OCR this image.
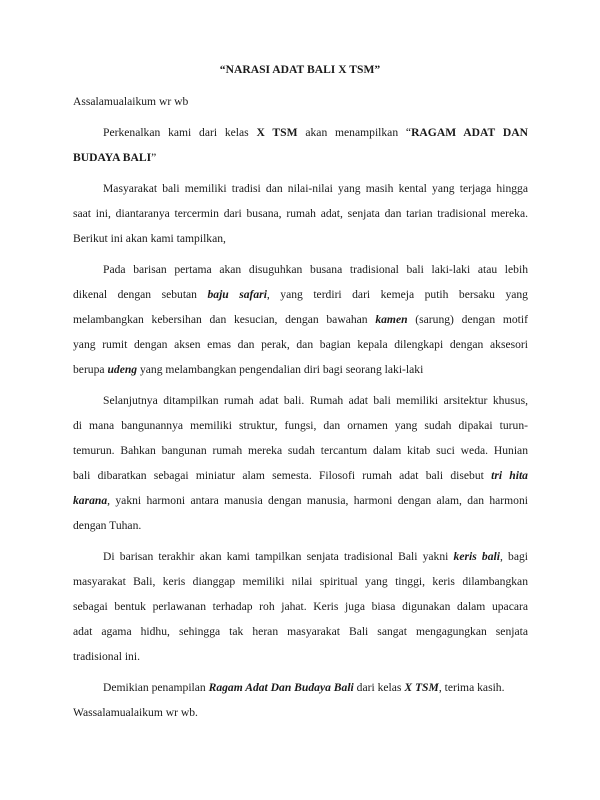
“NARASI ADAT BALI X TSM”
Assalamualaikum wr wb
Perkenalkan kami dari kelas X TSM akan menampilkan “RAGAM ADAT DAN
BUDAYA BALI”
Masyarakat bali memiliki tradisi dan nilai-nilai yang masih kental yang terjaga hingga
saat ini, diantaranya tercermin dari busana, rumah adat, senjata dan tarian tradisional mereka.
Berikut ini akan kami tampilkan,
Pada barisan pertama akan disuguhkan busana tradisional bali laki-laki atau lebih
dikenal dengan sebutan baju safari, yang terdiri dari kemeja putih bersaku yang
melambangkan kebersihan dan kesucian, dengan bawahan kamen (sarung) dengan motif
yang rumit dengan aksen emas dan perak, dan bagian kepala dilengkapi dengan aksesori
berupa udeng yang melambangkan pengendalian diri bagi seorang laki-laki
Selanjutnya ditampilkan rumah adat bali. Rumah adat bali memiliki arsitektur khusus,
di mana bangunannya memiliki struktur, fungsi, dan ornamen yang sudah dipakai turun-
temurun. Bahkan bangunan rumah mereka sudah tercantum dalam kitab suci weda. Hunian
bali dibaratkan sebagai miniatur alam semesta. Filosofi rumah adat bali disebut tri hita
karana, yakni harmoni antara manusia dengan manusia, harmoni dengan alam, dan harmoni
dengan Tuhan.
Di barisan terakhir akan kami tampilkan senjata tradisional Bali yakni keris bali, bagi
masyarakat Bali, keris dianggap memiliki nilai spiritual yang tinggi, keris dilambangkan
sebagai bentuk perlawanan terhadap roh jahat. Keris juga biasa digunakan dalam upacara
adat agama hidhu, sehingga tak heran masyarakat Bali sangat mengagungkan senjata
tradisional ini.
Demikian penampilan Ragam Adat Dan Budaya Bali dari kelas X TSM, terima kasih.
Wassalamualaikum wr wb.
